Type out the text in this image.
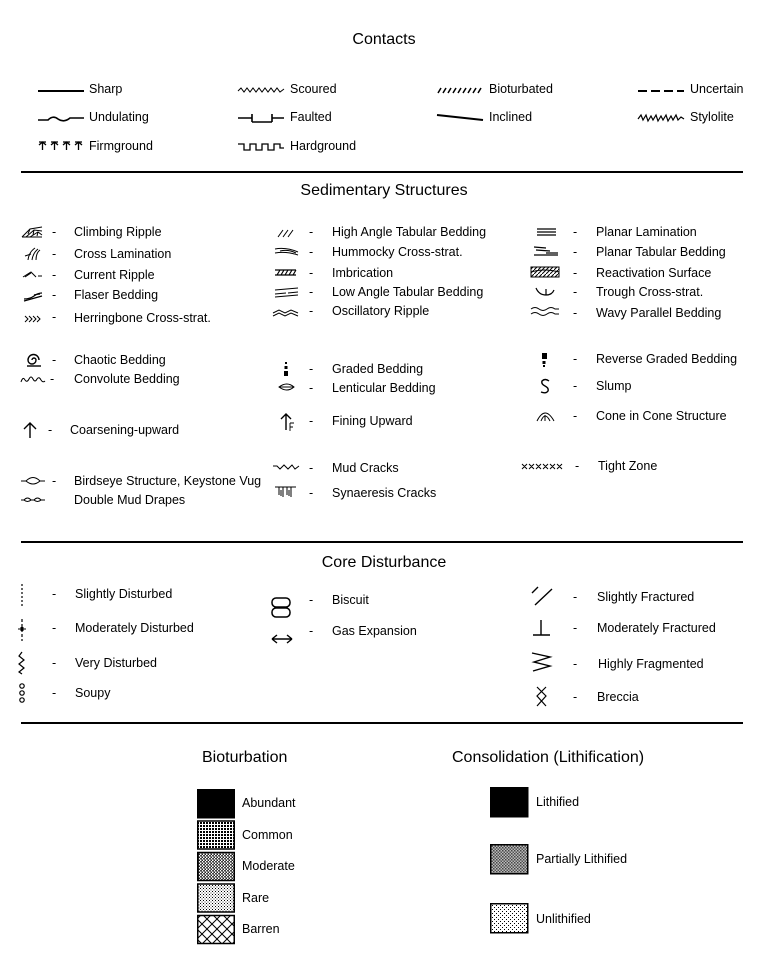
Contacts
Sharp	Scoured	Bioturbated	Uncertain
Undulating	Faulted	Inclined	Stylolite
Firmground	Hardground
Sedimentary Structures
- Climbing Ripple
- Cross Lamination
- Current Ripple
- Flaser Bedding
- Herringbone Cross-strat.
- Chaotic Bedding
- Convolute Bedding
- Coarsening-upward
- Birdseye Structure, Keystone Vug
Double Mud Drapes
- High Angle Tabular Bedding
- Hummocky Cross-strat.
- Imbrication
- Low Angle Tabular Bedding
- Oscillatory Ripple
- Graded Bedding
- Lenticular Bedding
- Fining Upward
- Mud Cracks
- Synaeresis Cracks
- Planar Lamination
- Planar Tabular Bedding
- Reactivation Surface
- Trough Cross-strat.
- Wavy Parallel Bedding
- Reverse Graded Bedding
- Slump
- Cone in Cone Structure
- Tight Zone
Core Disturbance
- Slightly Disturbed
- Moderately Disturbed
- Very Disturbed
- Soupy
- Biscuit
- Gas Expansion
- Slightly Fractured
- Moderately Fractured
- Highly Fragmented
- Breccia
Bioturbation
Abundant
Common
Moderate
Rare
Barren
Consolidation (Lithification)
Lithified
Partially Lithified
Unlithified
